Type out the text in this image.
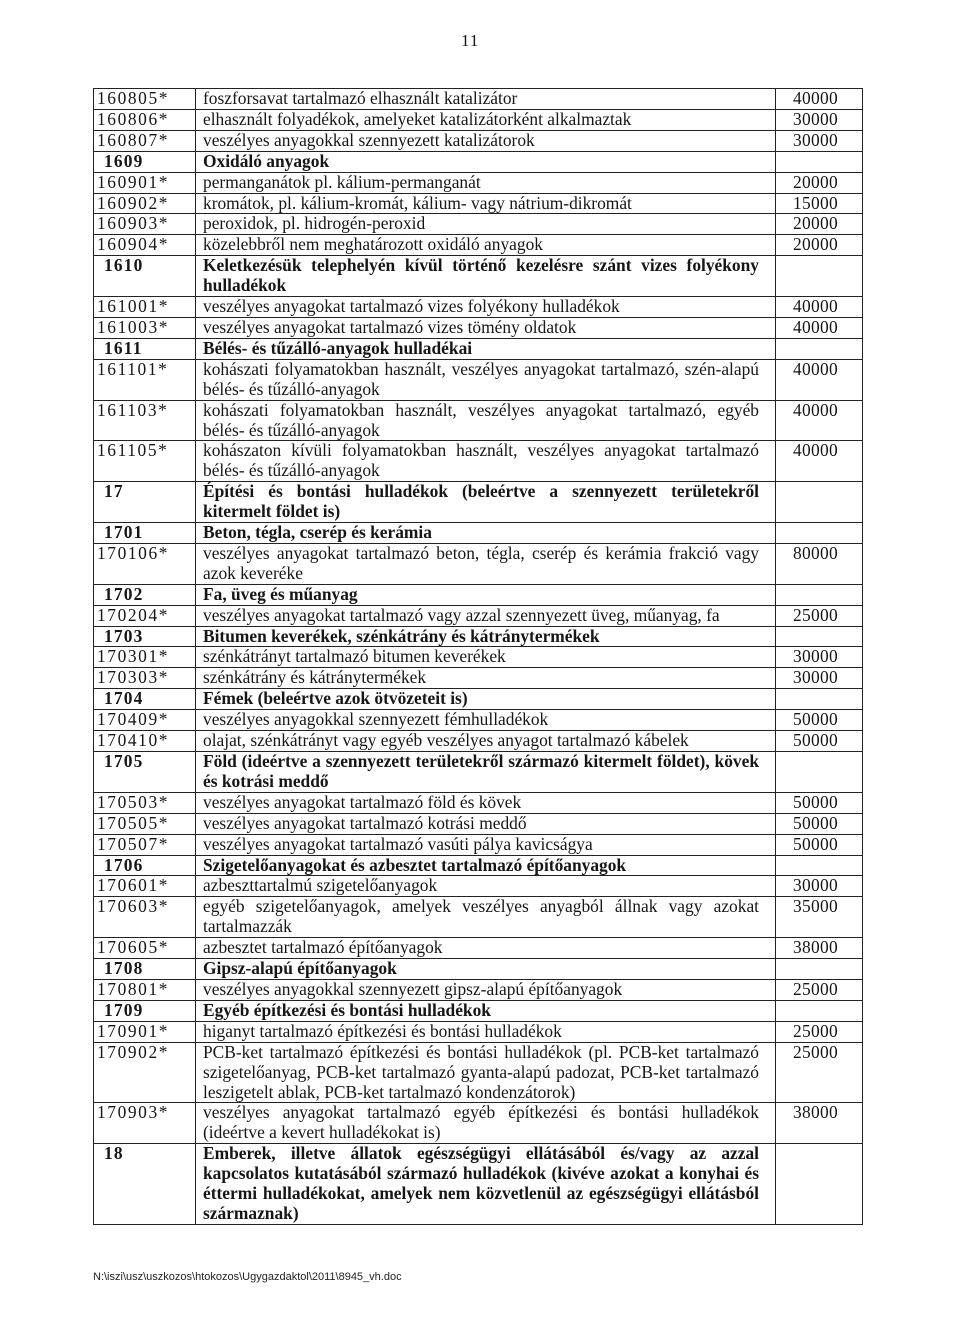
11
160805*	foszforsavat tartalmazó elhasznált katalizátor	40000
160806*	elhasznált folyadékok, amelyeket katalizátorként alkalmaztak	30000
160807*	veszélyes anyagokkal szennyezett katalizátorok	30000
1609	Oxidáló anyagok	
160901*	permanganátok pl. kálium-permanganát	20000
160902*	kromátok, pl. kálium-kromát, kálium- vagy nátrium-dikromát	15000
160903*	peroxidok, pl. hidrogén-peroxid	20000
160904*	közelebbről nem meghatározott oxidáló anyagok	20000
1610	Keletkezésük telephelyén kívül történő kezelésre szánt vizes folyékony hulladékok	
161001*	veszélyes anyagokat tartalmazó vizes folyékony hulladékok	40000
161003*	veszélyes anyagokat tartalmazó vizes tömény oldatok	40000
1611	Bélés- és tűzálló-anyagok hulladékai	
161101*	kohászati folyamatokban használt, veszélyes anyagokat tartalmazó, szén-alapú bélés- és tűzálló-anyagok	40000
161103*	kohászati folyamatokban használt, veszélyes anyagokat tartalmazó, egyéb bélés- és tűzálló-anyagok	40000
161105*	kohászaton kívüli folyamatokban használt, veszélyes anyagokat tartalmazó bélés- és tűzálló-anyagok	40000
17	Építési és bontási hulladékok (beleértve a szennyezett területekről kitermelt földet is)	
1701	Beton, tégla, cserép és kerámia	
170106*	veszélyes anyagokat tartalmazó beton, tégla, cserép és kerámia frakció vagy azok keveréke	80000
1702	Fa, üveg és műanyag	
170204*	veszélyes anyagokat tartalmazó vagy azzal szennyezett üveg, műanyag, fa	25000
1703	Bitumen keverékek, szénkátrány és kátránytermékek	
170301*	szénkátrányt tartalmazó bitumen keverékek	30000
170303*	szénkátrány és kátránytermékek	30000
1704	Fémek (beleértve azok ötvözeteit is)	
170409*	veszélyes anyagokkal szennyezett fémhulladékok	50000
170410*	olajat, szénkátrányt vagy egyéb veszélyes anyagot tartalmazó kábelek	50000
1705	Föld (ideértve a szennyezett területekről származó kitermelt földet), kövek és kotrási meddő	
170503*	veszélyes anyagokat tartalmazó föld és kövek	50000
170505*	veszélyes anyagokat tartalmazó kotrási meddő	50000
170507*	veszélyes anyagokat tartalmazó vasúti pálya kavicságya	50000
1706	Szigetelőanyagokat és azbesztet tartalmazó építőanyagok	
170601*	azbeszttartalmú szigetelőanyagok	30000
170603*	egyéb szigetelőanyagok, amelyek veszélyes anyagból állnak vagy azokat tartalmazzák	35000
170605*	azbesztet tartalmazó építőanyagok	38000
1708	Gipsz-alapú építőanyagok	
170801*	veszélyes anyagokkal szennyezett gipsz-alapú építőanyagok	25000
1709	Egyéb építkezési és bontási hulladékok	
170901*	higanyt tartalmazó építkezési és bontási hulladékok	25000
170902*	PCB-ket tartalmazó építkezési és bontási hulladékok (pl. PCB-ket tartalmazó szigetelőanyag, PCB-ket tartalmazó gyanta-alapú padozat, PCB-ket tartalmazó leszigetelt ablak, PCB-ket tartalmazó kondenzátorok)	25000
170903*	veszélyes anyagokat tartalmazó egyéb építkezési és bontási hulladékok (ideértve a kevert hulladékokat is)	38000
18	Emberek, illetve állatok egészségügyi ellátásából és/vagy az azzal kapcsolatos kutatásából származó hulladékok (kivéve azokat a konyhai és éttermi hulladékokat, amelyek nem közvetlenül az egészségügyi ellátásból származnak)	
N:\iszi\usz\uszkozos\htokozos\Ugygazdaktol\2011\8945_vh.doc
